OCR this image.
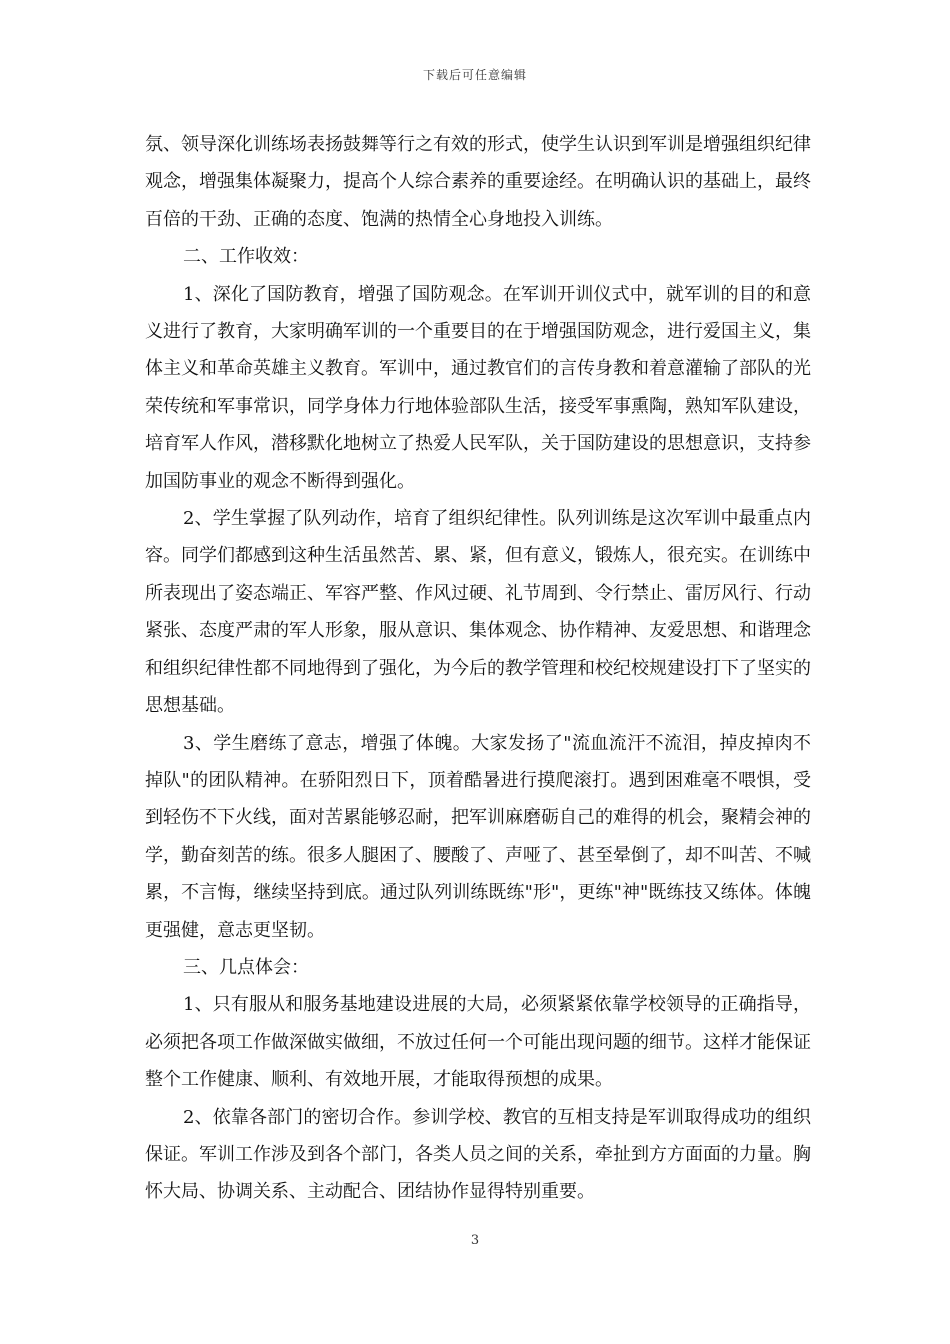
下载后可任意编辑

氛、领导深化训练场表扬鼓舞等行之有效的形式，使学生认识到军训是增强组织纪律观念，增强集体凝聚力，提高个人综合素养的重要途经。在明确认识的基础上，最终百倍的干劲、正确的态度、饱满的热情全心身地投入训练。

二、工作收效：

1、深化了国防教育，增强了国防观念。在军训开训仪式中，就军训的目的和意义进行了教育，大家明确军训的一个重要目的在于增强国防观念，进行爱国主义，集体主义和革命英雄主义教育。军训中，通过教官们的言传身教和着意灌输了部队的光荣传统和军事常识，同学身体力行地体验部队生活，接受军事熏陶，熟知军队建设，培育军人作风，潜移默化地树立了热爱人民军队，关于国防建设的思想意识，支持参加国防事业的观念不断得到强化。

2、学生掌握了队列动作，培育了组织纪律性。队列训练是这次军训中最重点内容。同学们都感到这种生活虽然苦、累、紧，但有意义，锻炼人，很充实。在训练中所表现出了姿态端正、军容严整、作风过硬、礼节周到、令行禁止、雷厉风行、行动紧张、态度严肃的军人形象，服从意识、集体观念、协作精神、友爱思想、和谐理念和组织纪律性都不同地得到了强化，为今后的教学管理和校纪校规建设打下了坚实的思想基础。

3、学生磨练了意志，增强了体魄。大家发扬了"流血流汗不流泪，掉皮掉肉不掉队"的团队精神。在骄阳烈日下，顶着酷暑进行摸爬滚打。遇到困难毫不喂惧，受到轻伤不下火线，面对苦累能够忍耐，把军训麻磨砺自己的难得的机会，聚精会神的学，勤奋刻苦的练。很多人腿困了、腰酸了、声哑了、甚至晕倒了，却不叫苦、不喊累，不言悔，继续坚持到底。通过队列训练既练"形"，更练"神"既练技又练体。体魄更强健，意志更坚韧。

三、几点体会：

1、只有服从和服务基地建设进展的大局，必须紧紧依靠学校领导的正确指导，必须把各项工作做深做实做细，不放过任何一个可能出现问题的细节。这样才能保证整个工作健康、顺利、有效地开展，才能取得预想的成果。

2、依靠各部门的密切合作。参训学校、教官的互相支持是军训取得成功的组织保证。军训工作涉及到各个部门，各类人员之间的关系，牵扯到方方面面的力量。胸怀大局、协调关系、主动配合、团结协作显得特别重要。

3
